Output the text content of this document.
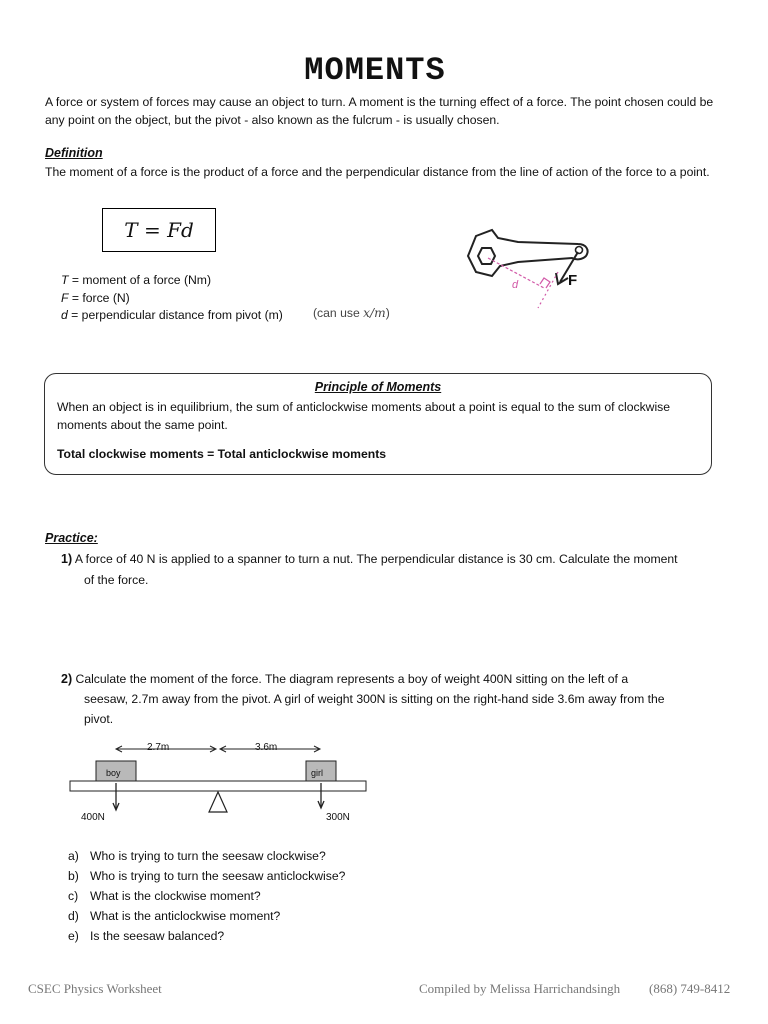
MOMENTS
A force or system of forces may cause an object to turn. A moment is the turning effect of a force. The point chosen could be any point on the object, but the pivot - also known as the fulcrum - is usually chosen.
Definition
The moment of a force is the product of a force and the perpendicular distance from the line of action of the force to a point.
T = Fd
T = moment of a force (Nm)
F = force (N)
d = perpendicular distance from pivot (m) (can use x/m)
d	F
Principle of Moments
When an object is in equilibrium, the sum of anticlockwise moments about a point is equal to the sum of clockwise moments about the same point.
Total clockwise moments = Total anticlockwise moments
Practice:
1) A force of 40 N is applied to a spanner to turn a nut. The perpendicular distance is 30 cm. Calculate the moment
of the force.
2) Calculate the moment of the force. The diagram represents a boy of weight 400N sitting on the left of a
seesaw, 2.7m away from the pivot. A girl of weight 300N is sitting on the right-hand side 3.6m away from the
pivot.
2.7m	3.6m
boy	girl
400N	300N
a) Who is trying to turn the seesaw clockwise?
b) Who is trying to turn the seesaw anticlockwise?
c) What is the clockwise moment?
d) What is the anticlockwise moment?
e) Is the seesaw balanced?
CSEC Physics Worksheet	Compiled by Melissa Harrichandsingh (868) 749-8412
